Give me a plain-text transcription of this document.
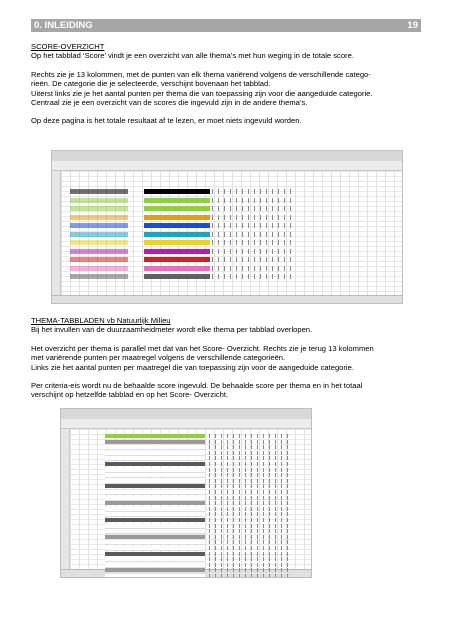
0. INLEIDING	19

SCORE-OVERZICHT

Op het tabblad ‘Score’ vindt je een overzicht van alle thema’s met hun weging in de totale score.

Rechts zie je 13 kolommen, met de punten van elk thema variërend volgens de verschillende catego-

rieën. De categorie die je selecteerde, verschijnt bovenaan het tabblad.

Uiterst links zie je het aantal punten per thema die van toepassing zijn voor die aangeduide categorie.

Centraal zie je een overzicht van de scores die ingevuld zijn in de andere thema’s.

Op deze pagina is het totale resultaat af te lezen, er moet niets ingevuld worden.

THEMA-TABBLADEN vb Natuurlijk Milieu

Bij het invullen van de duurzaamheidmeter wordt elke thema per tabblad overlopen.

Het overzicht per thema is parallel met dat van het Score- Overzicht. Rechts zie je terug 13 kolommen

met variërende punten per maatregel volgens de verschillende categorieën.

Links zie het aantal punten per maatregel die van toepassing zijn voor de aangeduide categorie.

Per criteria-eis wordt nu de behaalde score ingevuld. De behaalde score per thema en in het totaal

verschijnt op hetzelfde tabblad en op het Score- Overzicht.
